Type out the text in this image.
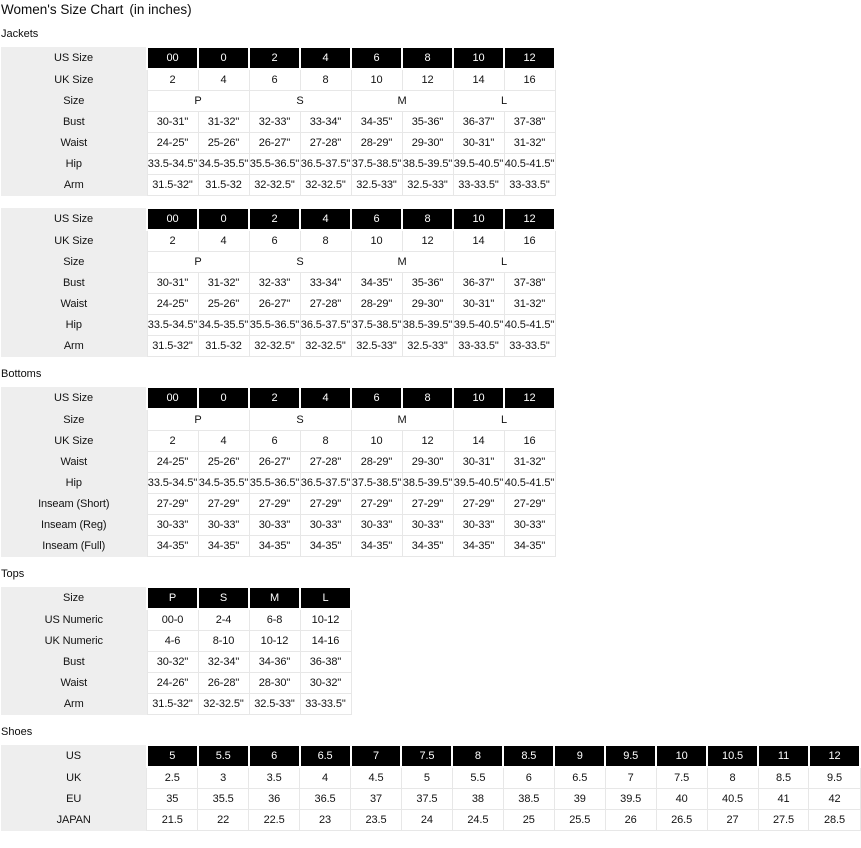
Women's Size Chart (in inches)
Jackets
US Size	00	0	2	4	6	8	10	12
UK Size	2	4	6	8	10	12	14	16
Size	P		S		M		L	
Bust	30-31"	31-32"	32-33"	33-34"	34-35"	35-36"	36-37"	37-38"
Waist	24-25"	25-26"	26-27"	27-28"	28-29"	29-30"	30-31"	31-32"
Hip	33.5-34.5"	34.5-35.5"	35.5-36.5"	36.5-37.5"	37.5-38.5"	38.5-39.5"	39.5-40.5"	40.5-41.5"
Arm	31.5-32"	31.5-32	32-32.5"	32-32.5"	32.5-33"	32.5-33"	33-33.5"	33-33.5"
US Size	00	0	2	4	6	8	10	12
UK Size	2	4	6	8	10	12	14	16
Size	P		S		M		L	
Bust	30-31"	31-32"	32-33"	33-34"	34-35"	35-36"	36-37"	37-38"
Waist	24-25"	25-26"	26-27"	27-28"	28-29"	29-30"	30-31"	31-32"
Hip	33.5-34.5"	34.5-35.5"	35.5-36.5"	36.5-37.5"	37.5-38.5"	38.5-39.5"	39.5-40.5"	40.5-41.5"
Arm	31.5-32"	31.5-32	32-32.5"	32-32.5"	32.5-33"	32.5-33"	33-33.5"	33-33.5"
Bottoms
US Size	00	0	2	4	6	8	10	12
Size	P		S		M		L	
UK Size	2	4	6	8	10	12	14	16
Waist	24-25"	25-26"	26-27"	27-28"	28-29"	29-30"	30-31"	31-32"
Hip	33.5-34.5"	34.5-35.5"	35.5-36.5"	36.5-37.5"	37.5-38.5"	38.5-39.5"	39.5-40.5"	40.5-41.5"
Inseam (Short)	27-29"	27-29"	27-29"	27-29"	27-29"	27-29"	27-29"	27-29"
Inseam (Reg)	30-33"	30-33"	30-33"	30-33"	30-33"	30-33"	30-33"	30-33"
Inseam (Full)	34-35"	34-35"	34-35"	34-35"	34-35"	34-35"	34-35"	34-35"
Tops
Size	P	S	M	L
US Numeric	00-0	2-4	6-8	10-12
UK Numeric	4-6	8-10	10-12	14-16
Bust	30-32"	32-34"	34-36"	36-38"
Waist	24-26"	26-28"	28-30"	30-32"
Arm	31.5-32"	32-32.5"	32.5-33"	33-33.5"
Shoes
US	5	5.5	6	6.5	7	7.5	8	8.5	9	9.5	10	10.5	11	12
UK	2.5	3	3.5	4	4.5	5	5.5	6	6.5	7	7.5	8	8.5	9.5
EU	35	35.5	36	36.5	37	37.5	38	38.5	39	39.5	40	40.5	41	42
JAPAN	21.5	22	22.5	23	23.5	24	24.5	25	25.5	26	26.5	27	27.5	28.5
